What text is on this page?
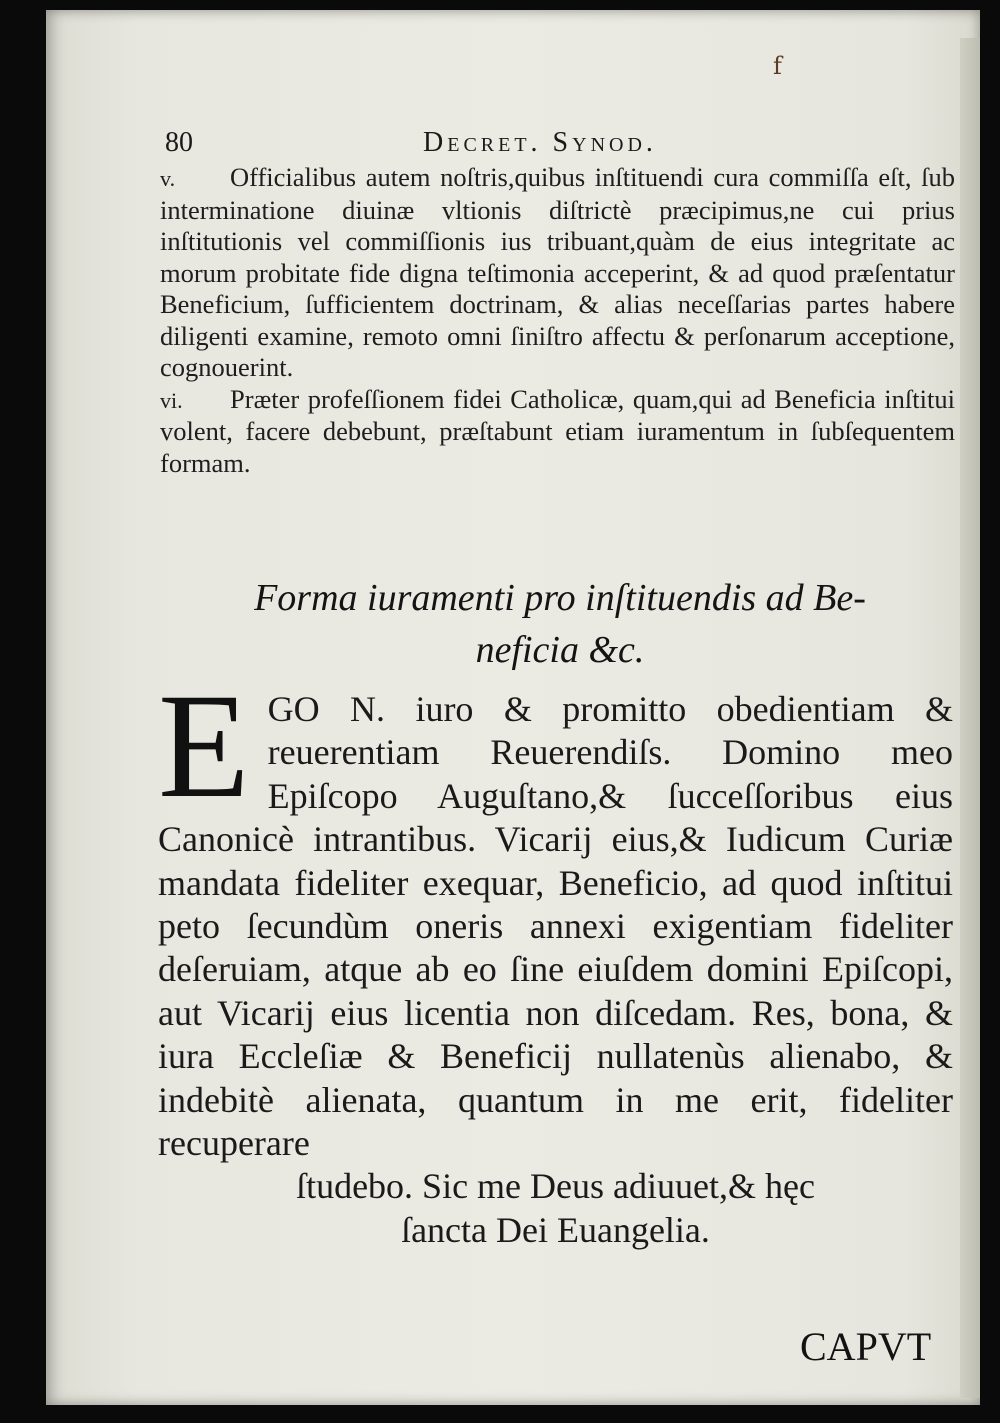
f
80	Decret. Synod.

v. Officialibus autem noſtris,quibus inſtituendi cura commiſſa eſt, ſub interminatione diuinæ vltionis diſtrictè præcipimus,ne cui prius inſtitutionis vel commiſſionis ius tribuant,quàm de eius integritate ac morum probitate fide digna teſtimonia acceperint, & ad quod præſentatur Beneficium, ſufficientem doctrinam, & alias neceſſarias partes habere diligenti examine, remoto omni ſiniſtro affectu & perſonarum acceptione, cognouerint.

vi. Præter profeſſionem fidei Catholicæ, quam,qui ad Beneficia inſtitui volent, facere debebunt, præſtabunt etiam iuramentum in ſubſequentem formam.

Forma iuramenti pro inſtituendis ad Be-
neficia &c.
E GO N. iuro & promitto obedientiam & reuerentiam Reuerendiſs. Domino meo Epiſcopo Auguſtano,& ſucceſſoribus eius Canonicè intrantibus. Vicarij eius,& Iudicum Curiæ mandata fideliter exequar, Beneficio, ad quod inſtitui peto ſecundùm oneris annexi exigentiam fideliter deſeruiam, atque ab eo ſine eiuſdem domini Epiſcopi, aut Vicarij eius licentia non diſcedam. Res, bona, & iura Eccleſiæ & Beneficij nullatenùs alienabo, & indebitè alienata, quantum in me erit, fideliter recuperare

ſtudebo. Sic me Deus adiuuet,& hęc

ſancta Dei Euangelia.

CAPVT
